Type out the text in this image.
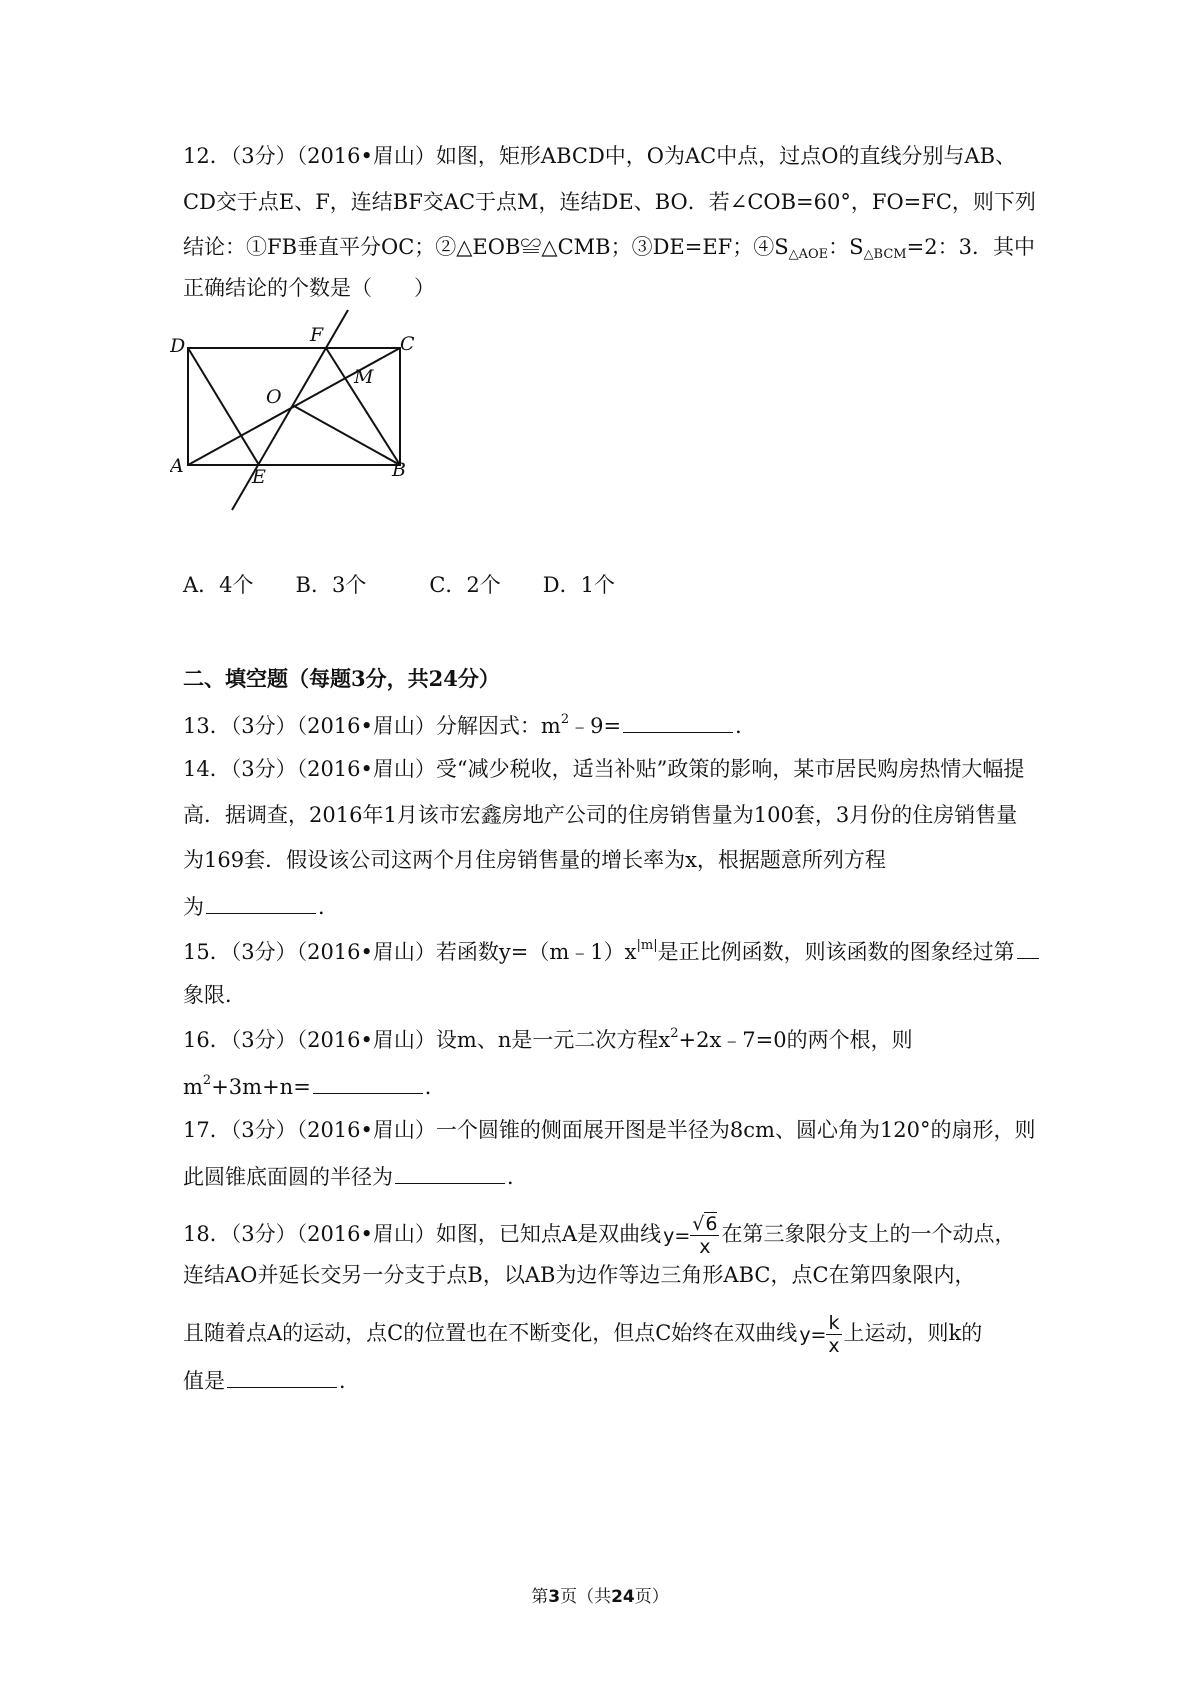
12．（3分）（2016•眉山）如图，矩形ABCD中，O为AC中点，过点O的直线分别与AB、
CD交于点E、F，连结BF交AC于点M，连结DE、BO．若∠COB=60°，FO=FC，则下列
结论：①FB垂直平分OC；②△EOB≌△CMB；③DE=EF；$④S_{\triangle AOE}$：$S_{\triangle BCM}=2$：3．其中
正确结论的个数是（　　）
D	F	C
M
O
A	E	B
A．4个　　B．3个　　　C．2个　　D．1个
二、填空题（每题3分，共24分）
13．（3分）（2016•眉山）分解因式：$m^2﹣9=$	．
14．（3分）（2016•眉山）受“减少税收，适当补贴”政策的影响，某市居民购房热情大幅提
高．据调查，2016年1月该市宏鑫房地产公司的住房销售量为100套，3月份的住房销售量
为169套．假设该公司这两个月住房销售量的增长率为x，根据题意所列方程
为	．
15．（3分）（2016•眉山）若函数$y=(m﹣1)x^{|m|}$是正比例函数，则该函数的图象经过第
象限．
16．（3分）（2016•眉山）设m、n是一元二次方程$x^2+2x﹣7=0$的两个根，则
$m^2+3m+n=$	．
17．（3分）（2016•眉山）一个圆锥的侧面展开图是半径为8cm、圆心角为120°的扇形，则
此圆锥底面圆的半径为	．
18．（3分）（2016•眉山）如图，已知点A是双曲线 $y= \frac{√6}{x}$ 在第三象限分支上的一个动点，
连结AO并延长交另一分支于点B，以AB为边作等边三角形ABC，点C在第四象限内，
且随着点A的运动，点C的位置也在不断变化，但点C始终在双曲线 $y= \frac{k}{x}$ 上运动，则k的
值是	．
第3页（共24页）
